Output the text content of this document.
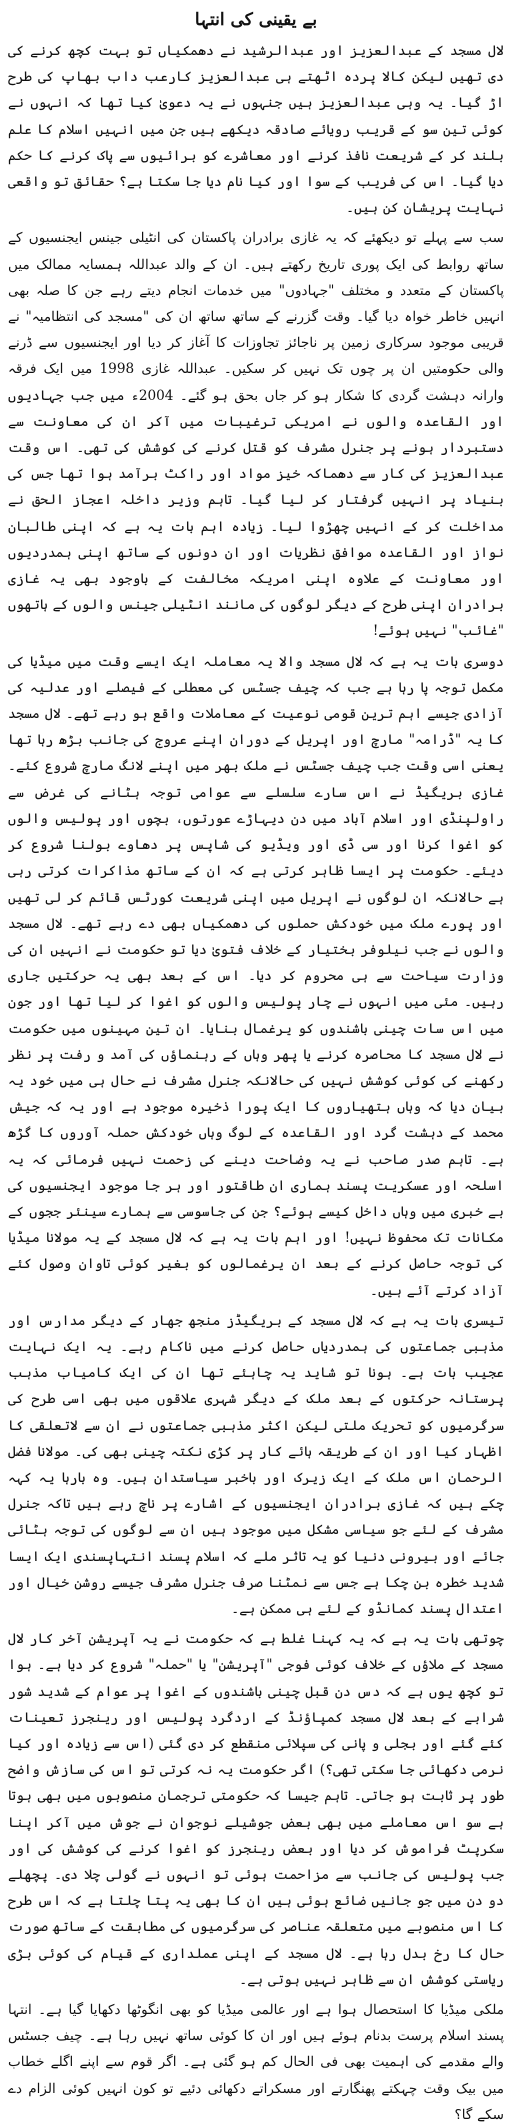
بے یقینی کی انتہا

لال مسجد کے عبدالعزیز اور عبدالرشید نے دھمکیاں تو بہت کچھ کرنے کی دی تھیں لیکن کالا پردہ اٹھتے ہی عبدالعزیز کارعب داب بھاپ کی طرح اڑ گیا۔ یہ وہی عبدالعزیز ہیں جنہوں نے یہ دعویٰ کیا تھا کہ انہوں نے کوئی تین سو کے قریب رویائے صادقہ دیکھے ہیں جن میں انہیں اسلام کا علم بلند کر کے شریعت نافذ کرنے اور معاشرے کو برائیوں سے پاک کرنے کا حکم دیا گیا۔ اس کی فریب کے سوا اور کیا نام دیا جا سکتا ہے؟ حقائق تو واقعی نہایت پریشان کن ہیں۔

سب سے پہلے تو دیکھئے کہ یہ غازی برادران پاکستان کی انٹیلی جینس ایجنسیوں کے ساتھ روابط کی ایک پوری تاریخ رکھتے ہیں۔ ان کے والد عبداللہ ہمسایہ ممالک میں پاکستان کے متعدد و مختلف "جہادوں" میں خدمات انجام دیتے رہے جن کا صلہ بھی انہیں خاطر خواہ دیا گیا۔ وقت گزرنے کے ساتھ ساتھ ان کی "مسجد کی انتظامیہ" نے قریبی موجود سرکاری زمین پر ناجائز تجاوزات کا آغاز کر دیا اور ایجنسیوں سے ڈرنے والی حکومتیں ان پر چوں تک نہیں کر سکیں۔ عبداللہ غازی 1998 میں ایک فرقہ وارانہ دہشت گردی کا شکار ہو کر جاں بحق ہو گئے۔ 2004ء میں جب جہادیوں اور القاعدہ والوں نے امریکی ترغیبات میں آکر ان کی معاونت سے دستبردار ہونے پر جنرل مشرف کو قتل کرنے کی کوشش کی تھی۔ اس وقت عبدالعزیز کی کار سے دھماکہ خیز مواد اور راکٹ برآمد ہوا تھا جس کی بنیاد پر انہیں گرفتار کر لیا گیا۔ تاہم وزیر داخلہ اعجاز الحق نے مداخلت کر کے انہیں چھڑوا لیا۔ زیادہ اہم بات یہ ہے کہ اپنی طالبان نواز اور القاعدہ موافق نظریات اور ان دونوں کے ساتھ اپنی ہمدردیوں اور معاونت کے علاوہ اپنی امریکہ مخالفت کے باوجود بھی یہ غازی برادران اپنی طرح کے دیگر لوگوں کی مانند انٹیلی جینس والوں کے ہاتھوں "غائب" نہیں ہوئے!

دوسری بات یہ ہے کہ لال مسجد والا یہ معاملہ ایک ایسے وقت میں میڈیا کی مکمل توجہ پا رہا ہے جب کہ چیف جسٹس کی معطلی کے فیصلے اور عدلیہ کی آزادی جیسے اہم ترین قومی نوعیت کے معاملات واقع ہو رہے تھے۔ لال مسجد کا یہ "ڈرامہ" مارچ اور اپریل کے دوران اپنے عروج کی جانب بڑھ رہا تھا یعنی اسی وقت جب چیف جسٹس نے ملک بھر میں اپنے لانگ مارچ شروع کئے۔ غازی بریگیڈ نے اس سارے سلسلے سے عوامی توجہ ہٹانے کی غرض سے راولپنڈی اور اسلام آباد میں دن دیہاڑے عورتوں، بچوں اور پولیس والوں کو اغوا کرنا اور سی ڈی اور ویڈیو کی شاپس پر دھاوے بولنا شروع کر دیئے۔ حکومت پر ایسا ظاہر کرتی ہے کہ ان کے ساتھ مذاکرات کرتی رہی ہے حالانکہ ان لوگوں نے اپریل میں اپنی شریعت کورٹس قائم کر لی تھیں اور پورے ملک میں خودکش حملوں کی دھمکیاں بھی دے رہے تھے۔ لال مسجد والوں نے جب نیلوفر بختیار کے خلاف فتویٰ دیا تو حکومت نے انہیں ان کی وزارت سیاحت سے ہی محروم کر دیا۔ اس کے بعد بھی یہ حرکتیں جاری رہیں۔ مئی میں انہوں نے چار پولیس والوں کو اغوا کر لیا تھا اور جون میں اس سات چینی باشندوں کو یرغمال بنایا۔ ان تین مہینوں میں حکومت نے لال مسجد کا محاصرہ کرنے یا پھر وہاں کے رہنماؤں کی آمد و رفت پر نظر رکھنے کی کوئی کوشش نہیں کی حالانکہ جنرل مشرف نے حال ہی میں خود یہ بیان دیا کہ وہاں ہتھیاروں کا ایک پورا ذخیرہ موجود ہے اور یہ کہ جیش محمد کے دہشت گرد اور القاعدہ کے لوگ وہاں خودکش حملہ آوروں کا گڑھ ہے۔ تاہم صدر صاحب نے یہ وضاحت دینے کی زحمت نہیں فرمائی کہ یہ اسلحہ اور عسکریت پسند ہماری ان طاقتور اور ہر جا موجود ایجنسیوں کی بے خبری میں وہاں داخل کیسے ہوئے؟ جن کی جاسوسی سے ہمارے سینئر ججوں کے مکانات تک محفوظ نہیں! اور اہم بات یہ ہے کہ لال مسجد کے یہ مولانا میڈیا کی توجہ حاصل کرنے کے بعد ان یرغمالوں کو بغیر کوئی تاوان وصول کئے آزاد کرتے آئے ہیں۔

تیسری بات یہ ہے کہ لال مسجد کے بریگیڈز منجھ جھار کے دیگر مدارس اور مذہبی جماعتوں کی ہمدردیاں حاصل کرنے میں ناکام رہے۔ یہ ایک نہایت عجیب بات ہے۔ ہونا تو شاید یہ چاہئے تھا ان کی ایک کامیاب مذہب پرستانہ حرکتوں کے بعد ملک کے دیگر شہری علاقوں میں بھی اسی طرح کی سرگرمیوں کو تحریک ملتی لیکن اکثر مذہبی جماعتوں نے ان سے لاتعلقی کا اظہار کیا اور ان کے طریقہ ہائے کار پر کڑی نکتہ چینی بھی کی۔ مولانا فضل الرحمان اس ملک کے ایک زیرک اور باخبر سیاستدان ہیں۔ وہ بارہا یہ کہہ چکے ہیں کہ غازی برادران ایجنسیوں کے اشارے پر ناچ رہے ہیں تاکہ جنرل مشرف کے لئے جو سیاسی مشکل میں موجود ہیں ان سے لوگوں کی توجہ ہٹائی جائے اور بیرونی دنیا کو یہ تاثر ملے کہ اسلام پسند انتہاپسندی ایک ایسا شدید خطرہ بن چکا ہے جس سے نمٹنا صرف جنرل مشرف جیسے روشن خیال اور اعتدال پسند کمانڈو کے لئے ہی ممکن ہے۔

چوتھی بات یہ ہے کہ یہ کہنا غلط ہے کہ حکومت نے یہ آپریشن آخر کار لال مسجد کے ملاؤں کے خلاف کوئی فوجی "آپریشن" یا "حملہ" شروع کر دیا ہے۔ ہوا تو کچھ یوں ہے کہ دس دن قبل چینی باشندوں کے اغوا پر عوام کے شدید شور شرابے کے بعد لال مسجد کمپاؤنڈ کے اردگرد پولیس اور رینجرز تعینات کئے گئے اور بجلی و پانی کی سپلائی منقطع کر دی گئی (اس سے زیادہ اور کیا نرمی دکھائی جا سکتی تھی؟) اگر حکومت یہ نہ کرتی تو اس کی سازش واضح طور پر ثابت ہو جاتی۔ تاہم جیسا کہ حکومتی ترجمان منصوبوں میں بھی ہوتا ہے سو اس معاملے میں بھی بعض جوشیلے نوجوان نے جوش میں آکر اپنا سکرپٹ فراموش کر دیا اور بعض رینجرز کو اغوا کرنے کی کوشش کی اور جب پولیس کی جانب سے مزاحمت ہوئی تو انہوں نے گولی چلا دی۔ پچھلے دو دن میں جو جانیں ضائع ہوئی ہیں ان کا بھی یہ پتا چلتا ہے کہ اس طرح کا اس منصوبے میں متعلقہ عناصر کی سرگرمیوں کی مطابقت کے ساتھ صورت حال کا رخ بدل رہا ہے۔ لال مسجد کے اپنی عملداری کے قیام کی کوئی بڑی ریاستی کوشش ان سے ظاہر نہیں ہوتی ہے۔

ملکی میڈیا کا استحصال ہوا ہے اور عالمی میڈیا کو بھی انگوٹھا دکھایا گیا ہے۔ انتہا پسند اسلام پرست بدنام ہوئے ہیں اور ان کا کوئی ساتھ نہیں رہا ہے۔ چیف جسٹس والے مقدمے کی اہمیت بھی فی الحال کم ہو گئی ہے۔ اگر قوم سے اپنے اگلے خطاب میں بیک وقت چہکتے پھنگارتے اور مسکراتے دکھائی دئیے تو کون انہیں کوئی الزام دے سکے گا؟
